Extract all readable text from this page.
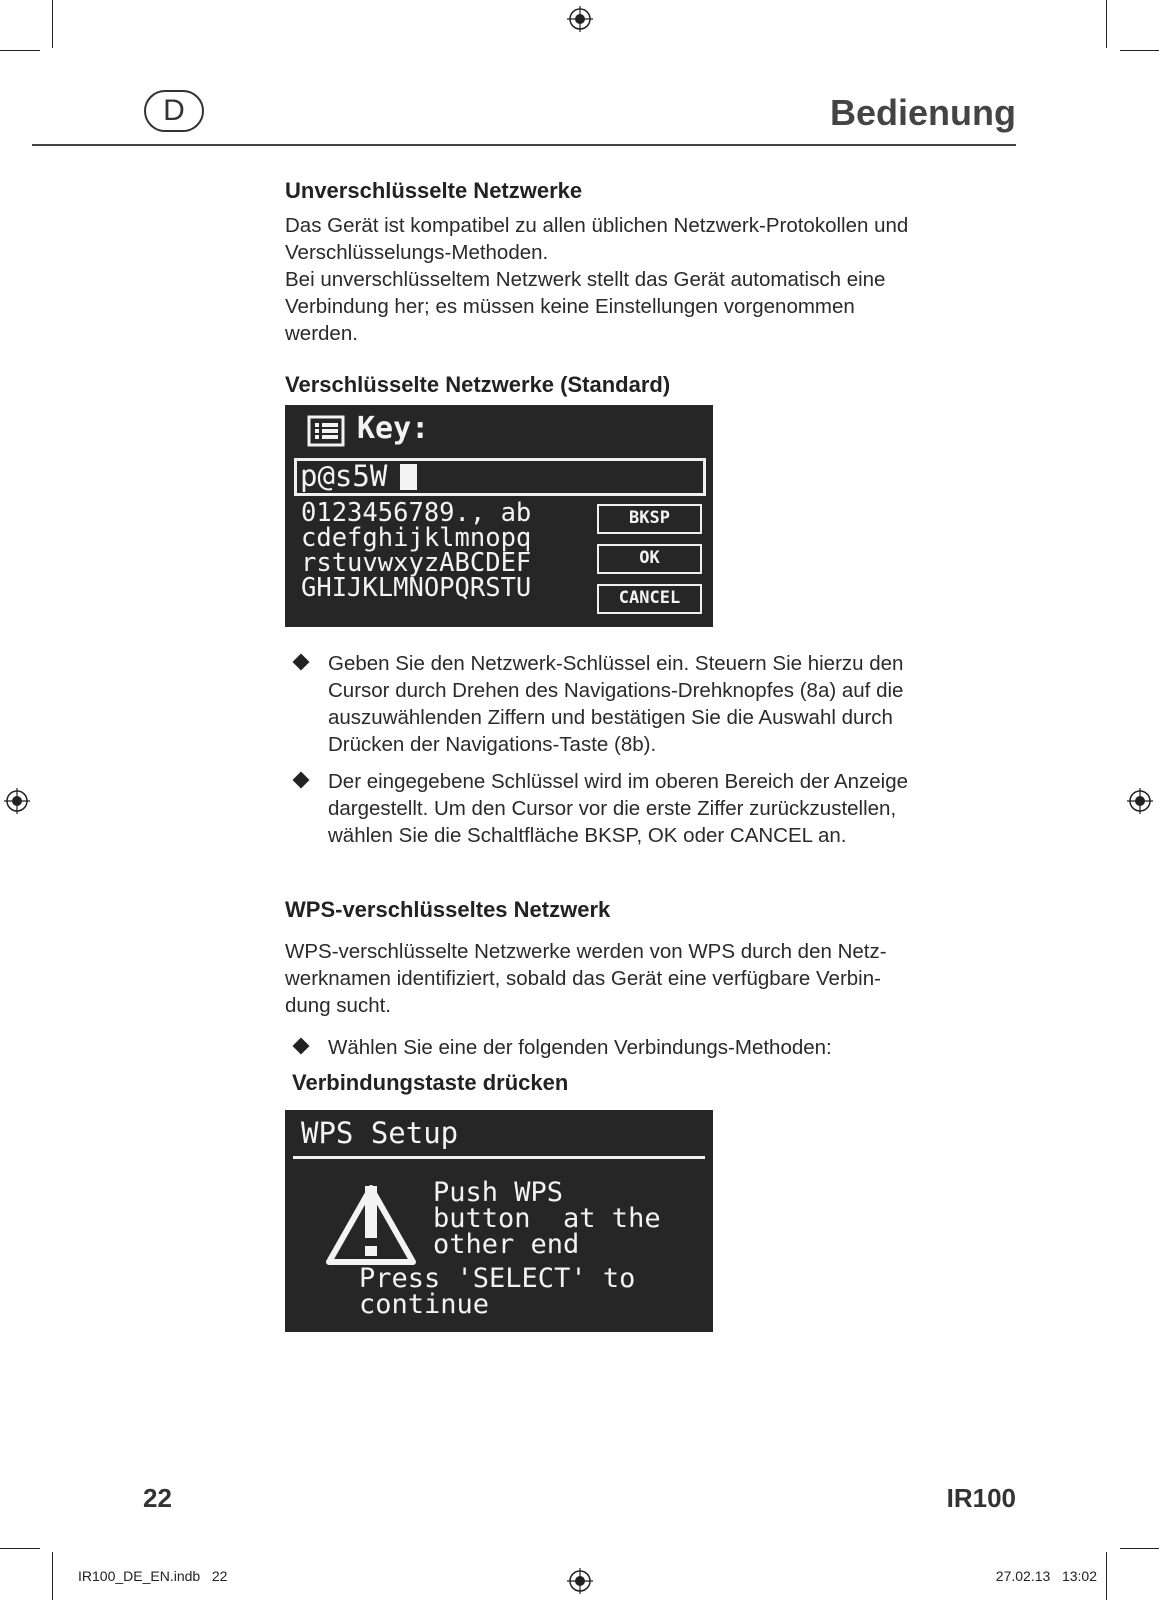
D	Bedienung
Unverschlüsselte Netzwerke
Das Gerät ist kompatibel zu allen üblichen Netzwerk-Protokollen und
Verschlüsselungs-Methoden.
Bei unverschlüsseltem Netzwerk stellt das Gerät automatisch eine
Verbindung her; es müssen keine Einstellungen vorgenommen
werden.
Verschlüsselte Netzwerke (Standard)
Key:
p@s5W
0123456789., ab
cdefghijklmnopq
rstuvwxyzABCDEF
GHIJKLMNOPQRSTU
BKSP
OK
CANCEL
Geben Sie den Netzwerk-Schlüssel ein. Steuern Sie hierzu den
Cursor durch Drehen des Navigations-Drehknopfes (8a) auf die
auszuwählenden Ziffern und bestätigen Sie die Auswahl durch
Drücken der Navigations-Taste (8b).
Der eingegebene Schlüssel wird im oberen Bereich der Anzeige
dargestellt. Um den Cursor vor die erste Ziffer zurückzustellen,
wählen Sie die Schaltfläche BKSP, OK oder CANCEL an.
WPS-verschlüsseltes Netzwerk
WPS-verschlüsselte Netzwerke werden von WPS durch den Netz-
werknamen identifiziert, sobald das Gerät eine verfügbare Verbin-
dung sucht.
Wählen Sie eine der folgenden Verbindungs-Methoden:
Verbindungstaste drücken
WPS Setup
Push WPS
button  at the
other end
Press 'SELECT' to
continue
22	IR100
IR100_DE_EN.indb   22	27.02.13   13:02
